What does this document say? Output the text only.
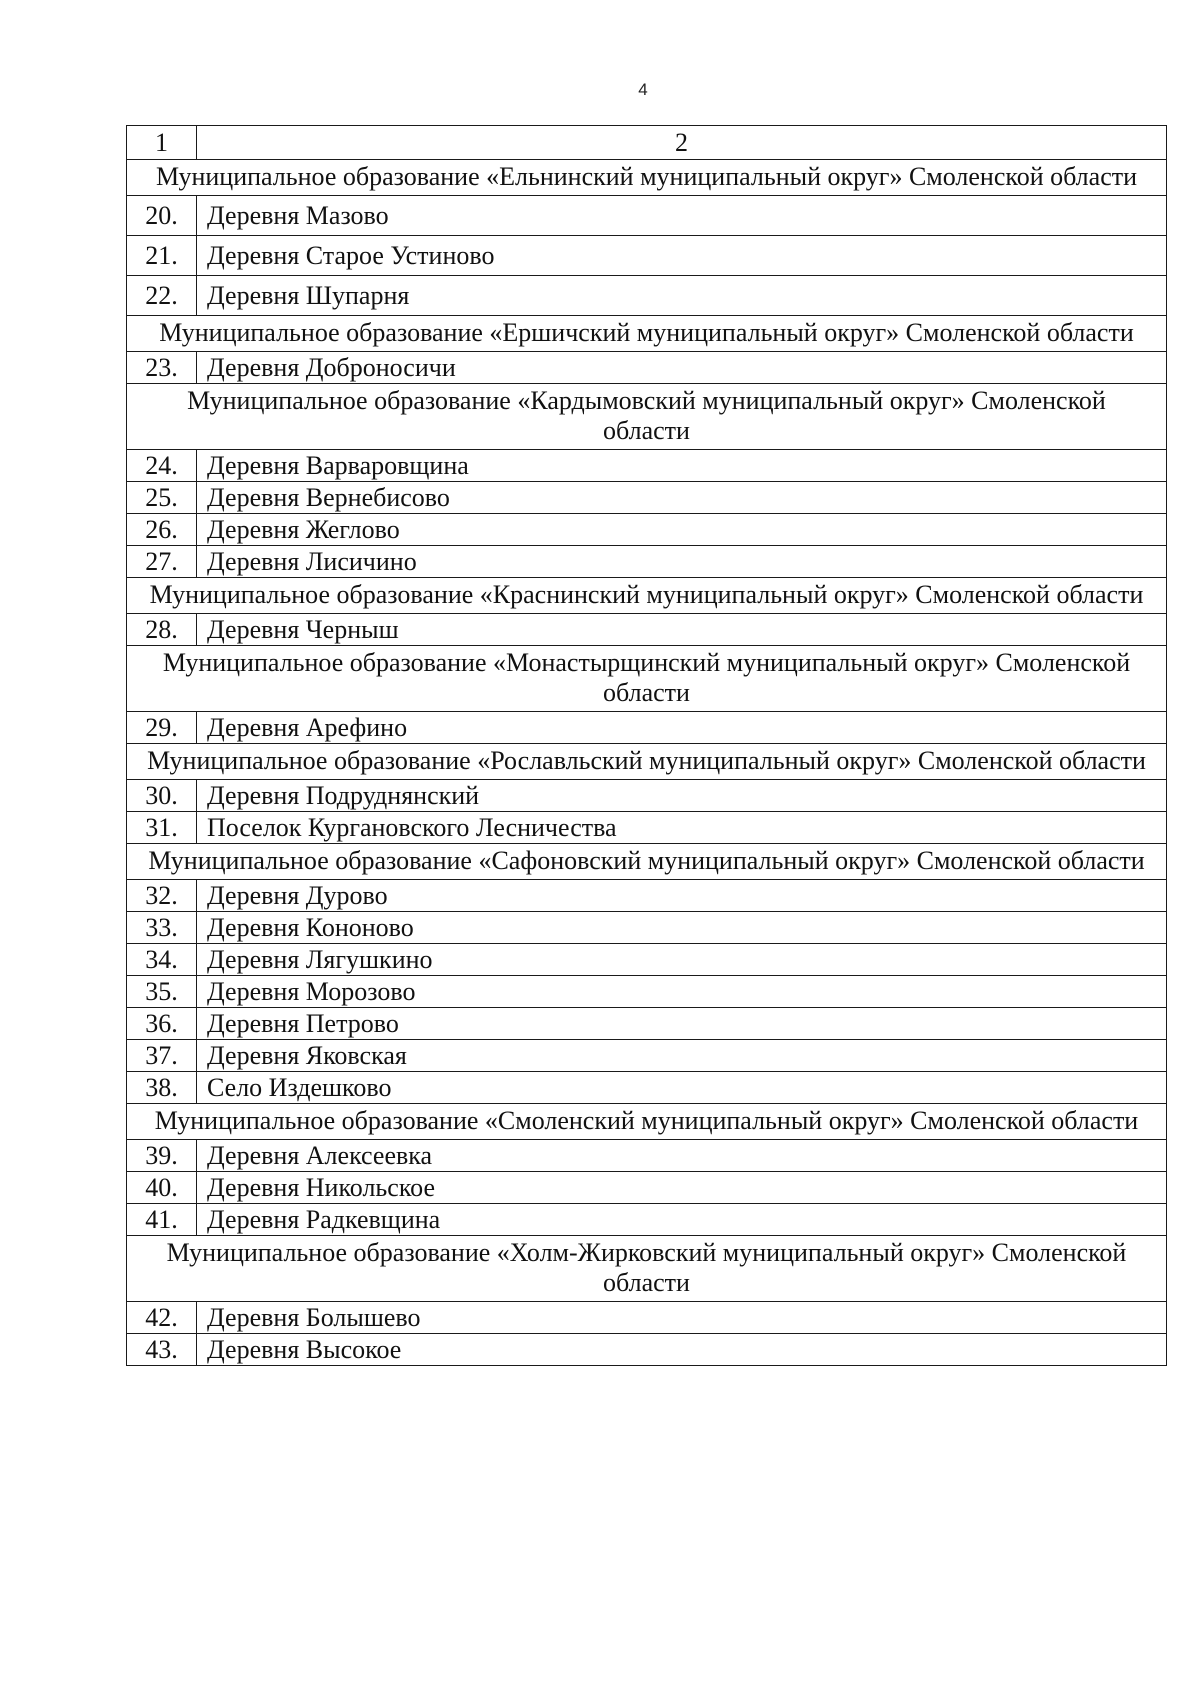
4
1	2
Муниципальное образование «Ельнинский муниципальный округ» Смоленской области	
20.	Деревня Мазово
21.	Деревня Старое Устиново
22.	Деревня Шупарня
Муниципальное образование «Ершичский муниципальный округ» Смоленской области	
23.	Деревня Доброносичи
Муниципальное образование «Кардымовский муниципальный округ» Смоленской области	
24.	Деревня Варваровщина
25.	Деревня Вернебисово
26.	Деревня Жеглово
27.	Деревня Лисичино
Муниципальное образование «Краснинский муниципальный округ» Смоленской области	
28.	Деревня Черныш
Муниципальное образование «Монастырщинский муниципальный округ» Смоленской области	
29.	Деревня Арефино
Муниципальное образование «Рославльский муниципальный округ» Смоленской области	
30.	Деревня Подруднянский
31.	Поселок Кургановского Лесничества
Муниципальное образование «Сафоновский муниципальный округ» Смоленской области	
32.	Деревня Дурово
33.	Деревня Кононово
34.	Деревня Лягушкино
35.	Деревня Морозово
36.	Деревня Петрово
37.	Деревня Яковская
38.	Село Издешково
Муниципальное образование «Смоленский муниципальный округ» Смоленской области	
39.	Деревня Алексеевка
40.	Деревня Никольское
41.	Деревня Радкевщина
Муниципальное образование «Холм-Жирковский муниципальный округ» Смоленской области	
42.	Деревня Болышево
43.	Деревня Высокое
